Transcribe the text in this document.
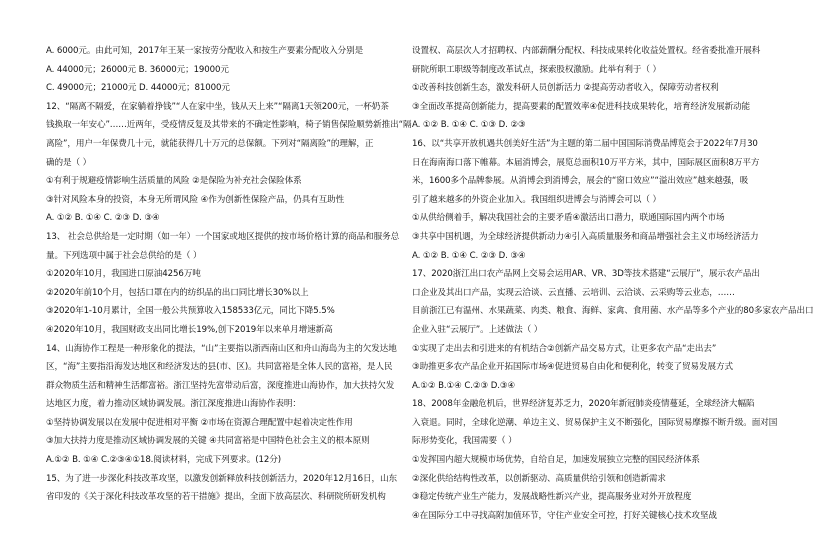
A. 6000元。由此可知，2017年王某一家按劳分配收入和按生产要素分配收入分别是
A. 44000元；26000元 B. 36000元；19000元
C. 49000元；21000元 D. 44000元；81000元
12、“隔离不隔爱，在家躺着挣钱”“人在家中坐，钱从天上来”“隔离1天领200元，一杯奶茶
钱换取一年安心”……近两年，受疫情反复及其带来的不确定性影响，椅子销售保险顺势新推出“隔
离险”，用户一年保费几十元，就能获得几十万元的总保额。下列对“隔离险”的理解，正
确的是（ ）
①有利于规避疫情影响生活质量的风险 ②是保险为补充社会保险体系
③针对风险本身的投资，本身无所谓风险 ④作为创新性保险产品，仍具有互助性
A. ①② B. ①④ C. ②③ D. ③④
13、 社会总供给是一定时期（如一年）一个国家或地区提供的按市场价格计算的商品和服务总
量。下列选项中属于社会总供给的是（ ）
①2020年10月，我国进口原油4256万吨
②2020年前10个月，包括口罩在内的纺织品的出口同比增长30%以上
③2020年1-10月累计，全国一般公共预算收入158533亿元，同比下降5.5%
④2020年10月，我国财政支出同比增长19%,创下2019年以来单月增速新高
14、山海协作工程是一种形象化的提法，“山”主要指以浙西南山区和舟山海岛为主的欠发达地
区，“海”主要指沿海发达地区和经济发达的县(市、区)。共同富裕是全体人民的富裕，是人民
群众物质生活和精神生活都富裕。浙江坚持先富带动后富，深度推进山海协作，加大扶持欠发
达地区力度，着力推动区域协调发展。浙江深度推进山海协作表明：
①坚持协调发展以在发展中促进相对平衡 ②市场在资源合理配置中起着决定性作用
③加大扶持力度是推动区域协调发展的关键 ④共同富裕是中国特色社会主义的根本原则
A.①② B. ①④ C.②③④①18.阅读材料，完成下列要求。(12分)
15、为了进一步深化科技改革攻坚，以激发创新释放科技创新活力，2020年12月16日，山东
省印发的《关于深化科技改革攻坚的若干措施》提出，全面下放高层次、科研院所研发机构
设置权、高层次人才招聘权、内部薪酬分配权、科技成果转化收益处置权。经省委批准开展科
研院所职工职级等制度改革试点，探索股权激励。此举有利于（ ）
①改善科技创新生态，激发科研人员创新活力 ②提高劳动者收入，保障劳动者权利
③全面改革提高创新能力，提高要素的配置效率④促进科技成果转化，培育经济发展新动能
A. ①② B. ①④ C. ①③ D. ②③
16、以“共享开放机遇共创美好生活”为主题的第二届中国国际消费品博览会于2022年7月30
日在海南海口落下帷幕。本届消博会，展览总面积10万平方米，其中，国际展区面积8万平方
米，1600多个品牌参展。从消博会到消博会，展会的“窗口效应”“溢出效应”越来越强，吸
引了越来越多的外资企业加入。我国组织进博会与消博会可以（ ）
①从供给侧着手，解决我国社会的主要矛盾④激活出口潜力，联通国际国内两个市场
③共享中国机遇，为全球经济提供新动力④引入高质量服务和商品增强社会主义市场经济活力
A. ①② B. ①④ C. ②③ D. ③④
17、2020浙江出口农产品网上交易会运用AR、VR、3D等技术搭建“云展厅”，展示农产品出
口企业及其出口产品，实现云洽谈、云直播、云培训、云洽谈、云采购等云业态，……
目前浙江已有温州、水果蔬菜、肉类、粮食、海鲜、家禽、食用菌、水产品等多个产业的80多家农产品出口
企业入驻“云展厅”。上述做法（ ）
①实现了走出去和引进来的有机结合②创新产品交易方式，让更多农产品“走出去”
③助推更多农产品企业开拓国际市场④促进贸易自由化和便利化，转变了贸易发展方式
A.①② B.①④ C.②③ D.③④
18、2008年金融危机后，世界经济复苏乏力，2020年新冠肺炎疫情蔓延，全球经济大幅陷
入衰退。同时，全球化逆潮、单边主义、贸易保护主义不断强化，国际贸易摩擦不断升级。面对国
际形势变化，我国需要（ ）
①发挥国内超大规模市场优势，自给自足，加速发展独立完整的国民经济体系
②深化供给结构性改革，以创新驱动、高质量供给引领和创造新需求
③稳定传统产业生产能力，发展战略性新兴产业，提高服务业对外开放程度
④在国际分工中寻找高附加值环节，守住产业安全可控，打好关键核心技术攻坚战
